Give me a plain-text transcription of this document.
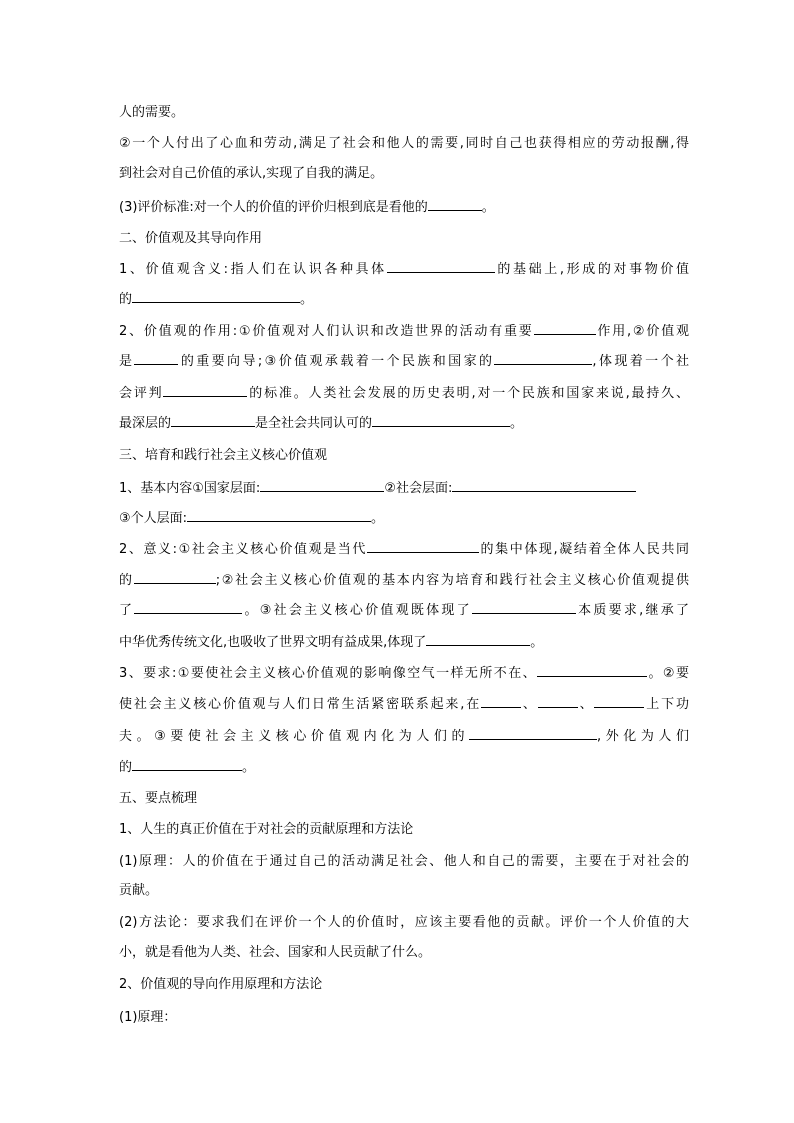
人的需要。
②一个人付出了心血和劳动,满足了社会和他人的需要,同时自己也获得相应的劳动报酬,得
到社会对自己价值的承认,实现了自我的满足。
(3)评价标准:对一个人的价值的评价归根到底是看他的	。
二、价值观及其导向作用
1、价值观含义:指人们在认识各种具体	的基础上,形成的对事物价值
的	。
2、价值观的作用:①价值观对人们认识和改造世界的活动有重要	作用,②价值观
是	的重要向导;③价值观承载着一个民族和国家的	,体现着一个社
会评判	的标准。人类社会发展的历史表明,对一个民族和国家来说,最持久、
最深层的	是全社会共同认可的	。
三、培育和践行社会主义核心价值观
1、基本内容①国家层面:	②社会层面:
③个人层面:	。
2、意义:①社会主义核心价值观是当代	的集中体现,凝结着全体人民共同
的	;②社会主义核心价值观的基本内容为培育和践行社会主义核心价值观提供
了	。③社会主义核心价值观既体现了	本质要求,继承了
中华优秀传统文化,也吸收了世界文明有益成果,体现了	。
3、要求:①要使社会主义核心价值观的影响像空气一样无所不在、	。②要
使社会主义核心价值观与人们日常生活紧密联系起来,在	、	、	上下功
夫。③要使社会主义核心价值观内化为人们的	,外化为人们
的	。
五、要点梳理
1、人生的真正价值在于对社会的贡献原理和方法论
(1)原理：人的价值在于通过自己的活动满足社会、他人和自己的需要，主要在于对社会的
贡献。
(2)方法论：要求我们在评价一个人的价值时，应该主要看他的贡献。评价一个人价值的大
小，就是看他为人类、社会、国家和人民贡献了什么。
2、价值观的导向作用原理和方法论
(1)原理：
